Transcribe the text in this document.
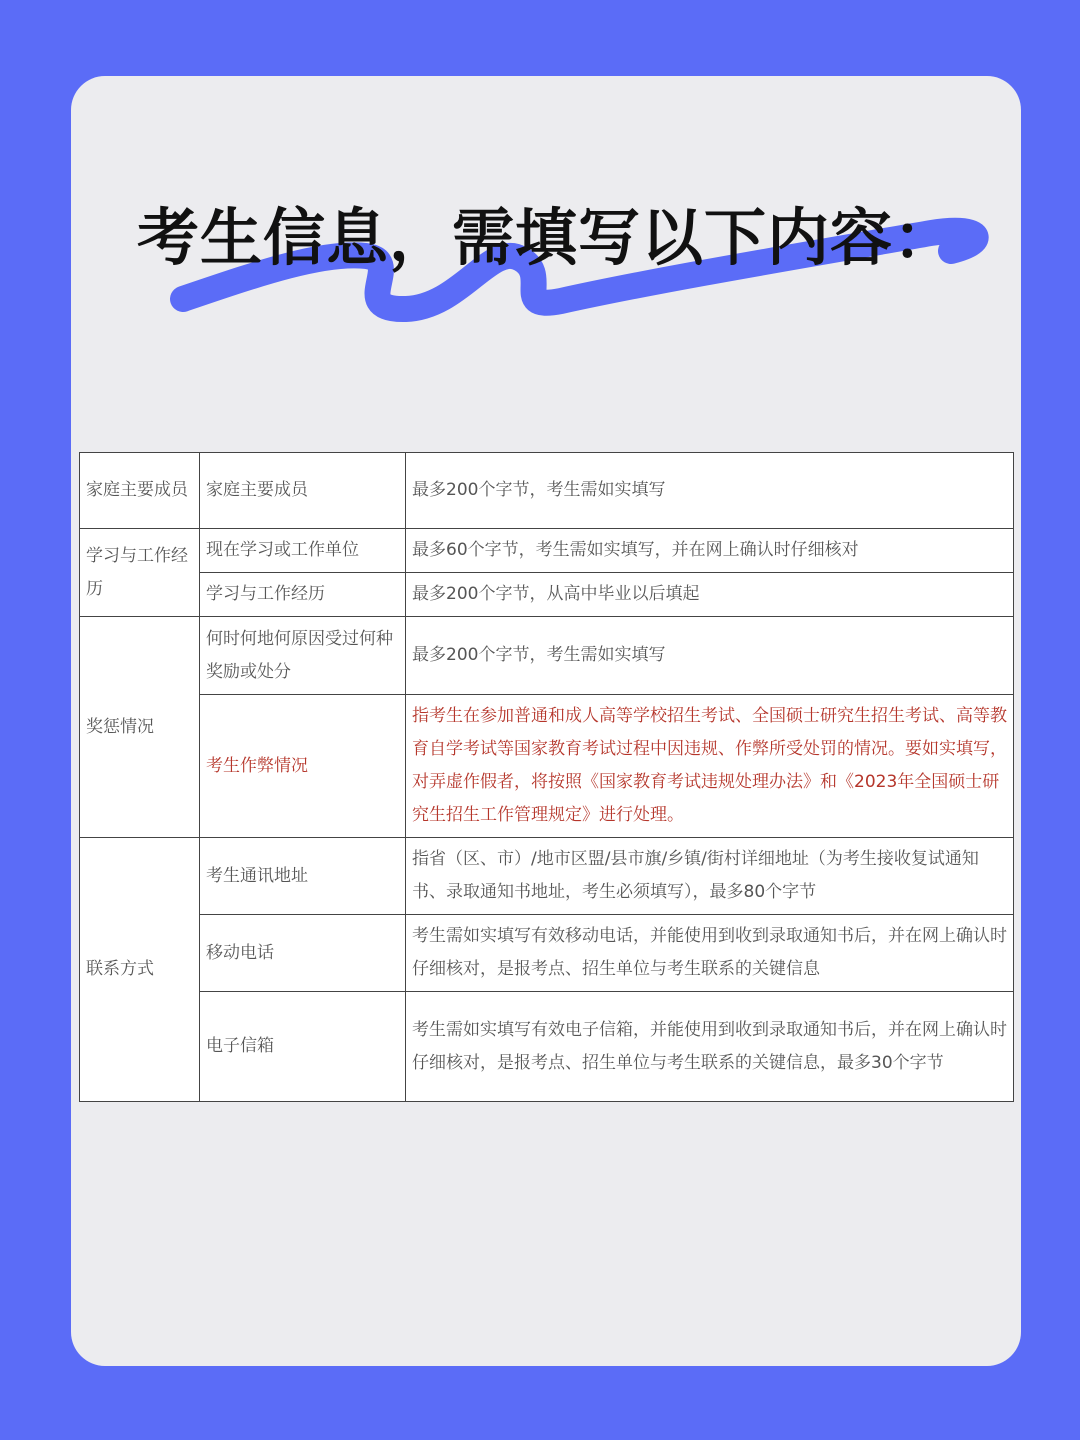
考生信息，需填写以下内容：
家庭主要成员	家庭主要成员	最多200个字节，考生需如实填写
学习与工作经历	现在学习或工作单位	最多60个字节，考生需如实填写，并在网上确认时仔细核对
	学习与工作经历	最多200个字节，从高中毕业以后填起
奖惩情况	何时何地何原因受过何种奖励或处分	最多200个字节，考生需如实填写
	考生作弊情况	指考生在参加普通和成人高等学校招生考试、全国硕士研究生招生考试、高等教育自学考试等国家教育考试过程中因违规、作弊所受处罚的情况。要如实填写，对弄虚作假者，将按照《国家教育考试违规处理办法》和《2023年全国硕士研究生招生工作管理规定》进行处理。
联系方式	考生通讯地址	指省（区、市）/地市区盟/县市旗/乡镇/街村详细地址（为考生接收复试通知书、录取通知书地址，考生必须填写），最多80个字节
	移动电话	考生需如实填写有效移动电话，并能使用到收到录取通知书后，并在网上确认时仔细核对，是报考点、招生单位与考生联系的关键信息
	电子信箱	考生需如实填写有效电子信箱，并能使用到收到录取通知书后，并在网上确认时仔细核对，是报考点、招生单位与考生联系的关键信息，最多30个字节
